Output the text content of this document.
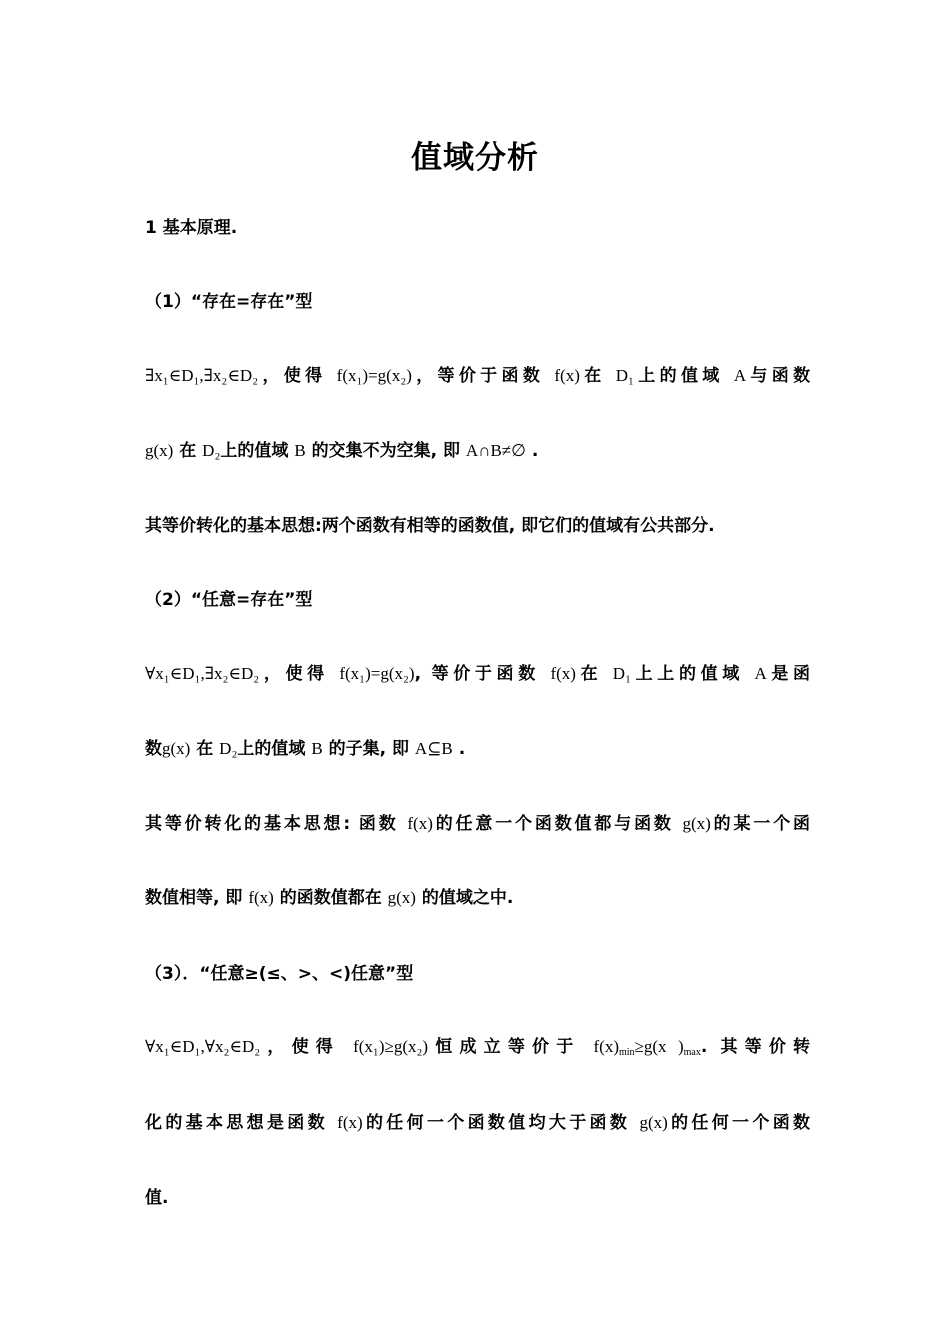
值域分析
1 基本原理.
（1）“存在=存在”型
∃x₁∈D₁,∃x₂∈D₂，使得 f(x₁)=g(x₂)，等价于函数 f(x)在 D₁上的值域 A与函数
g(x) 在 D₂上的值域 B 的交集不为空集, 即 A∩B≠∅ .
其等价转化的基本思想:两个函数有相等的函数值, 即它们的值域有公共部分.
（2）“任意=存在”型
∀x₁∈D₁,∃x₂∈D₂，使得 f(x₁)=g(x₂), 等价于函数 f(x)在 D₁上上的值域 A是函
数g(x) 在 D₂上的值域 B 的子集, 即 A⊆B .
其等价转化的基本思想: 函数 f(x)的任意一个函数值都与函数 g(x)的某一个函
数值相等, 即 f(x) 的函数值都在 g(x) 的值域之中.
（3）．“任意≥(≤、>、<)任意”型
∀x₁∈D₁,∀x₂∈D₂，使得 f(x₁)≥g(x₂)恒成立等价于 $f(x)_{min}\ge g(x$ )$_{max}$. 其等价转
化的基本思想是函数 f(x)的任何一个函数值均大于函数 g(x)的任何一个函数
值.
